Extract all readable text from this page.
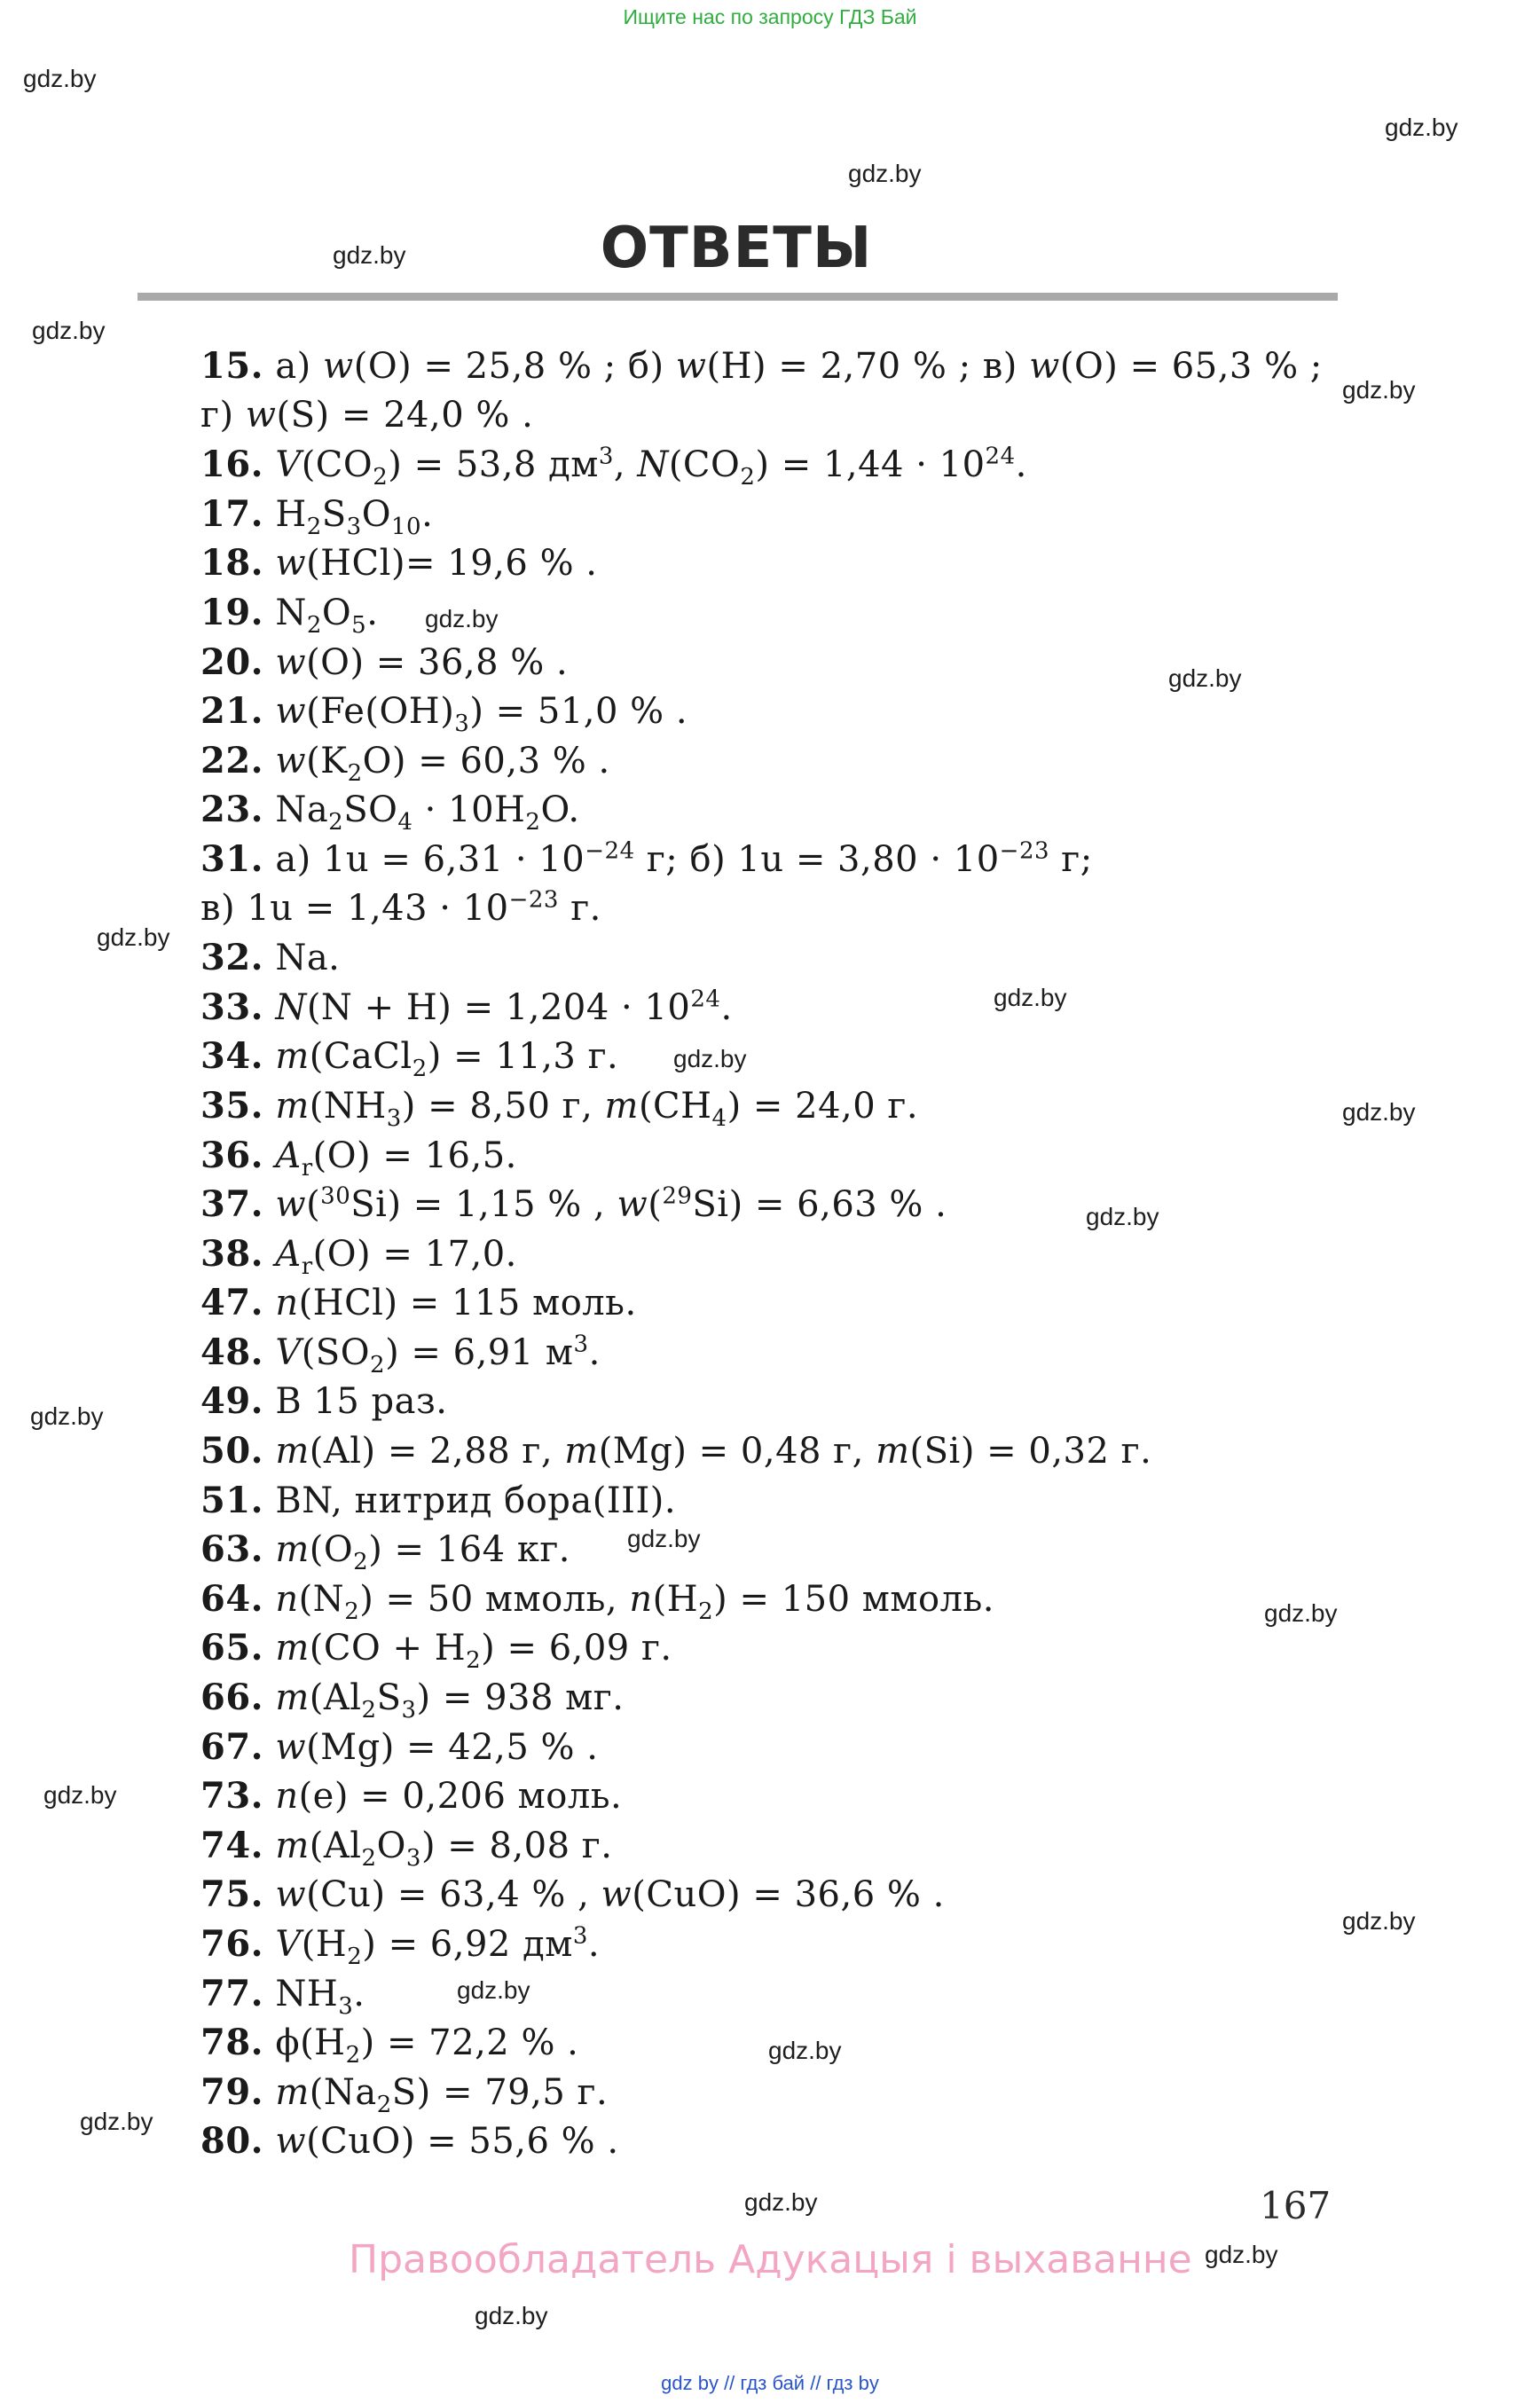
Ищите нас по запросу ГДЗ Бай
ОТВЕТЫ
15. а) w(O) = 25,8 % ; б) w(H) = 2,70 % ; в) w(O) = 65,3 % ;
г) w(S) = 24,0 % .
16. $V(CO_2) = 53,8$ $дм^3$, $N(CO_2) = 1,44 \cdot 10^{24}$.
17. $H_2S_3O_{10}$.
18. w(HCl)= 19,6 % .
19. $N_2O_5$.
20. w(O) = 36,8 % .
21. $w(Fe(OH)_3) = 51,0$ % .
22. $w(K_2O) = 60,3$ % .
23. $Na_2SO_4 \cdot 10H_2O$.
31. а) $1u = 6,31 \cdot 10^{-24}$ г; б) $1u = 3,80 \cdot 10^{-23}$ г;
в) $1u = 1,43 \cdot 10^{-23}$ г.
32. Na.
33. $N(N + H) = 1,204 \cdot 10^{24}$.
34. m(CaCl$_2$) = 11,3 г.
35. $m(NH_3) = 8,50$ г, $m(CH_4) = 24,0$ г.
36. $A_r(O) = 16,5$.
37. w($^{30}$Si) = 1,15 % , w($^{29}$Si) = 6,63 % .
38. $A_r(O) = 17,0$.
47. n(HCl) = 115 моль.
48. $V(SO_2) = 6,91$ $м^3$.
49. В 15 раз.
50. m(Al) = 2,88 г, m(Mg) = 0,48 г, m(Si) = 0,32 г.
51. BN, нитрид бора(III).
63. $m(O_2) = 164$ кг.
64. $n(N_2) = 50$ ммоль, $n(H_2) = 150$ ммоль.
65. $m(CO + H_2) = 6,09$ г.
66. $m(Al_2S_3) = 938$ мг.
67. w(Mg) = 42,5 % .
73. n(e) = 0,206 моль.
74. $m(Al_2O_3) = 8,08$ г.
75. w(Cu) = 63,4 % , w(CuO) = 36,6 % .
76. $V(H_2) = 6,92$ $дм^3$.
77. $NH_3$.
78. $\phi(H_2) = 72,2$ % .
79. $m(Na_2S) = 79,5$ г.
80. w(CuO) = 55,6 % .
gdz.by
gdz.by
gdz.by
gdz.by
gdz.by
gdz.by
gdz.by
gdz.by
gdz.by
gdz.by
gdz.by
gdz.by
gdz.by
gdz.by
gdz.by
gdz.by
gdz.by
gdz.by
gdz.by
gdz.by
gdz.by
gdz.by
gdz.by
gdz.by
167
Правообладатель Адукацыя і выхаванне
gdz by // гдз бай // гдз by
